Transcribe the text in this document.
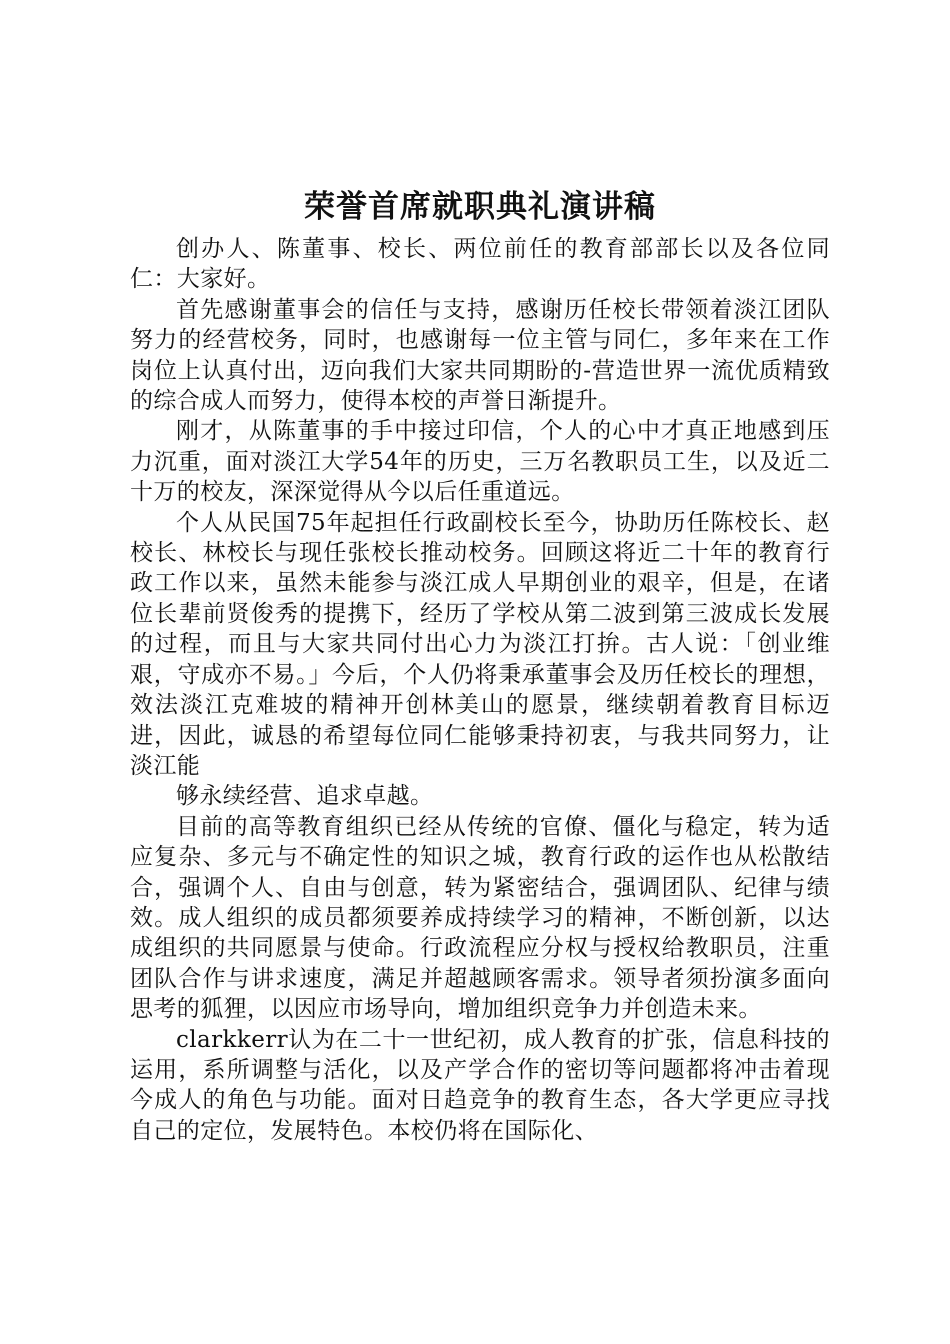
荣誉首席就职典礼演讲稿

创办人、陈董事、校长、两位前任的教育部部长以及各位同仁：大家好。

首先感谢董事会的信任与支持，感谢历任校长带领着淡江团队努力的经营校务，同时，也感谢每一位主管与同仁，多年来在工作岗位上认真付出，迈向我们大家共同期盼的-营造世界一流优质精致的综合成人而努力，使得本校的声誉日渐提升。

刚才，从陈董事的手中接过印信，个人的心中才真正地感到压力沉重，面对淡江大学54年的历史，三万名教职员工生，以及近二十万的校友，深深觉得从今以后任重道远。

个人从民国75年起担任行政副校长至今，协助历任陈校长、赵校长、林校长与现任张校长推动校务。回顾这将近二十年的教育行政工作以来，虽然未能参与淡江成人早期创业的艰辛，但是，在诸位长辈前贤俊秀的提携下，经历了学校从第二波到第三波成长发展的过程，而且与大家共同付出心力为淡江打拚。古人说：「创业维艰，守成亦不易。」今后，个人仍将秉承董事会及历任校长的理想，效法淡江克难坡的精神开创林美山的愿景，继续朝着教育目标迈进，因此，诚恳的希望每位同仁能够秉持初衷，与我共同努力，让淡江能

够永续经营、追求卓越。

目前的高等教育组织已经从传统的官僚、僵化与稳定，转为适应复杂、多元与不确定性的知识之城，教育行政的运作也从松散结合，强调个人、自由与创意，转为紧密结合，强调团队、纪律与绩效。成人组织的成员都须要养成持续学习的精神，不断创新，以达成组织的共同愿景与使命。行政流程应分权与授权给教职员，注重团队合作与讲求速度，满足并超越顾客需求。领导者须扮演多面向思考的狐狸，以因应市场导向，增加组织竞争力并创造未来。

clarkkerr认为在二十一世纪初，成人教育的扩张，信息科技的运用，系所调整与活化，以及产学合作的密切等问题都将冲击着现今成人的角色与功能。面对日趋竞争的教育生态，各大学更应寻找自己的定位，发展特色。本校仍将在国际化、
